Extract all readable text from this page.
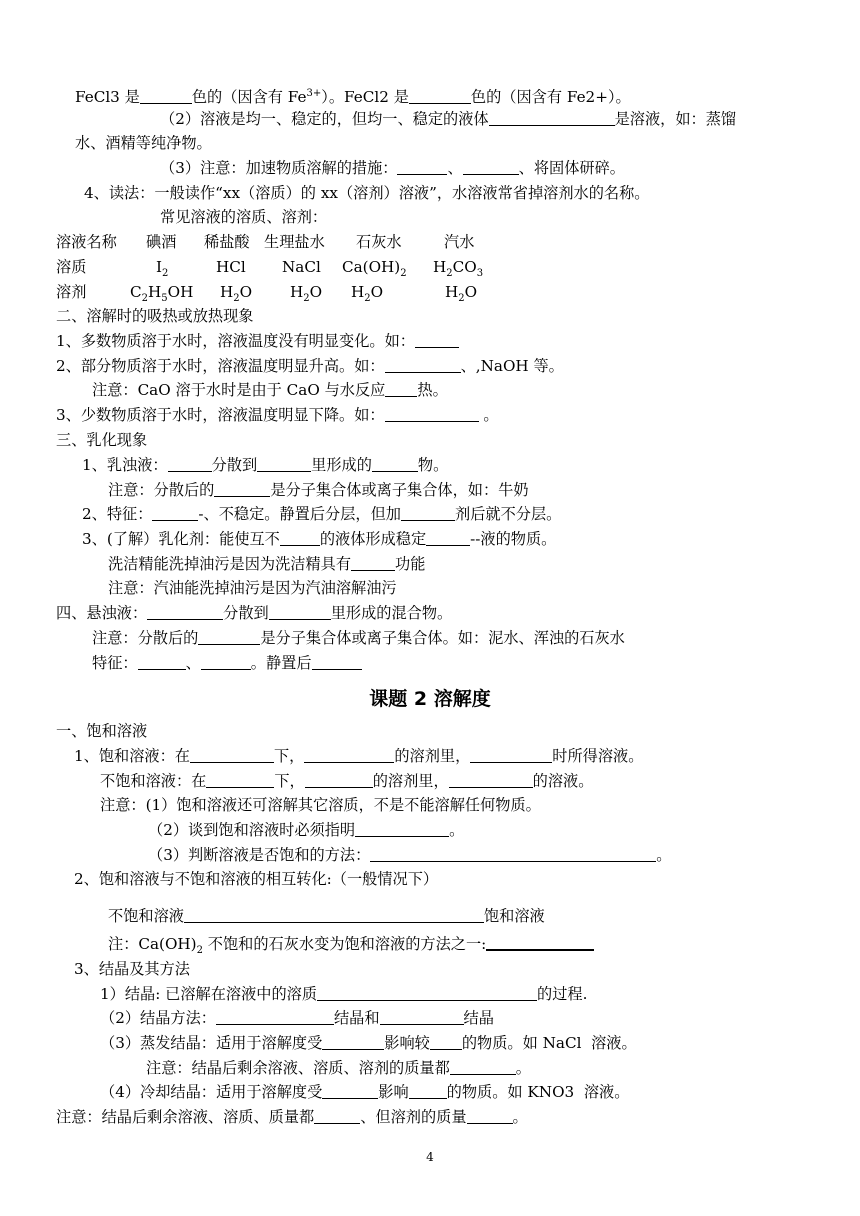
FeCl3 是	色的（因含有 $Fe^{3+}$）。FeCl2 是	色的（因含有 Fe2+）。
（2）溶液是均一、稳定的，但均一、稳定的液体	是溶液，如：蒸馏
水、酒精等纯净物。
（3）注意：加速物质溶解的措施：	、	、将固体研碎。
4、读法：一般读作“xx（溶质）的 xx（溶剂）溶液”，水溶液常省掉溶剂水的名称。
常见溶液的溶质、溶剂：
溶液名称 碘酒 稀盐酸 生理盐水 石灰水	汽水
溶质	$I_2$	HCl NaCl $Ca(OH)_2$ $H_2CO_3$
溶剂	$C_2H_5OH$ $H_2O$ $H_2O$ $H_2O$	$H_2O$
二、溶解时的吸热或放热现象
1、多数物质溶于水时，溶液温度没有明显变化。如：
2、部分物质溶于水时，溶液温度明显升高。如：	、,NaOH 等。
注意：CaO 溶于水时是由于 CaO 与水反应 热。
3、少数物质溶于水时，溶液温度明显下降。如：	。
三、乳化现象
1、乳浊液：	分散到	里形成的	物。
注意：分散后的	是分子集合体或离子集合体，如：牛奶
2、特征：	-、不稳定。静置后分层，但加	剂后就不分层。
3、(了解）乳化剂：能使互不	的液体形成稳定	--液的物质。
洗洁精能洗掉油污是因为洗洁精具有	功能
注意：汽油能洗掉油污是因为汽油溶解油污
四、悬浊液：	分散到	里形成的混合物。
注意：分散后的	是分子集合体或离子集合体。如：泥水、浑浊的石灰水
特征：	、	。静置后
课题 2 溶解度
一、饱和溶液
1、饱和溶液：在	下，	的溶剂里，	时所得溶液。
不饱和溶液：在	下，	的溶剂里，	的溶液。
注意：(1）饱和溶液还可溶解其它溶质，不是不能溶解任何物质。
（2）谈到饱和溶液时必须指明	。
（3）判断溶液是否饱和的方法：	。
2、饱和溶液与不饱和溶液的相互转化:（一般情况下）
不饱和溶液	饱和溶液
注：$Ca(OH)_2$ 不饱和的石灰水变为饱和溶液的方法之一:
3、结晶及其方法
1）结晶: 已溶解在溶液中的溶质	的过程.
（2）结晶方法：	结晶和	结晶
（3）蒸发结晶：适用于溶解度受	影响较 的物质。如 NaCl  溶液。
注意：结晶后剩余溶液、溶质、溶剂的质量都	。
（4）冷却结晶：适用于溶解度受	影响	的物质。如 KNO3  溶液。
注意：结晶后剩余溶液、溶质、质量都	、但溶剂的质量	。
4
